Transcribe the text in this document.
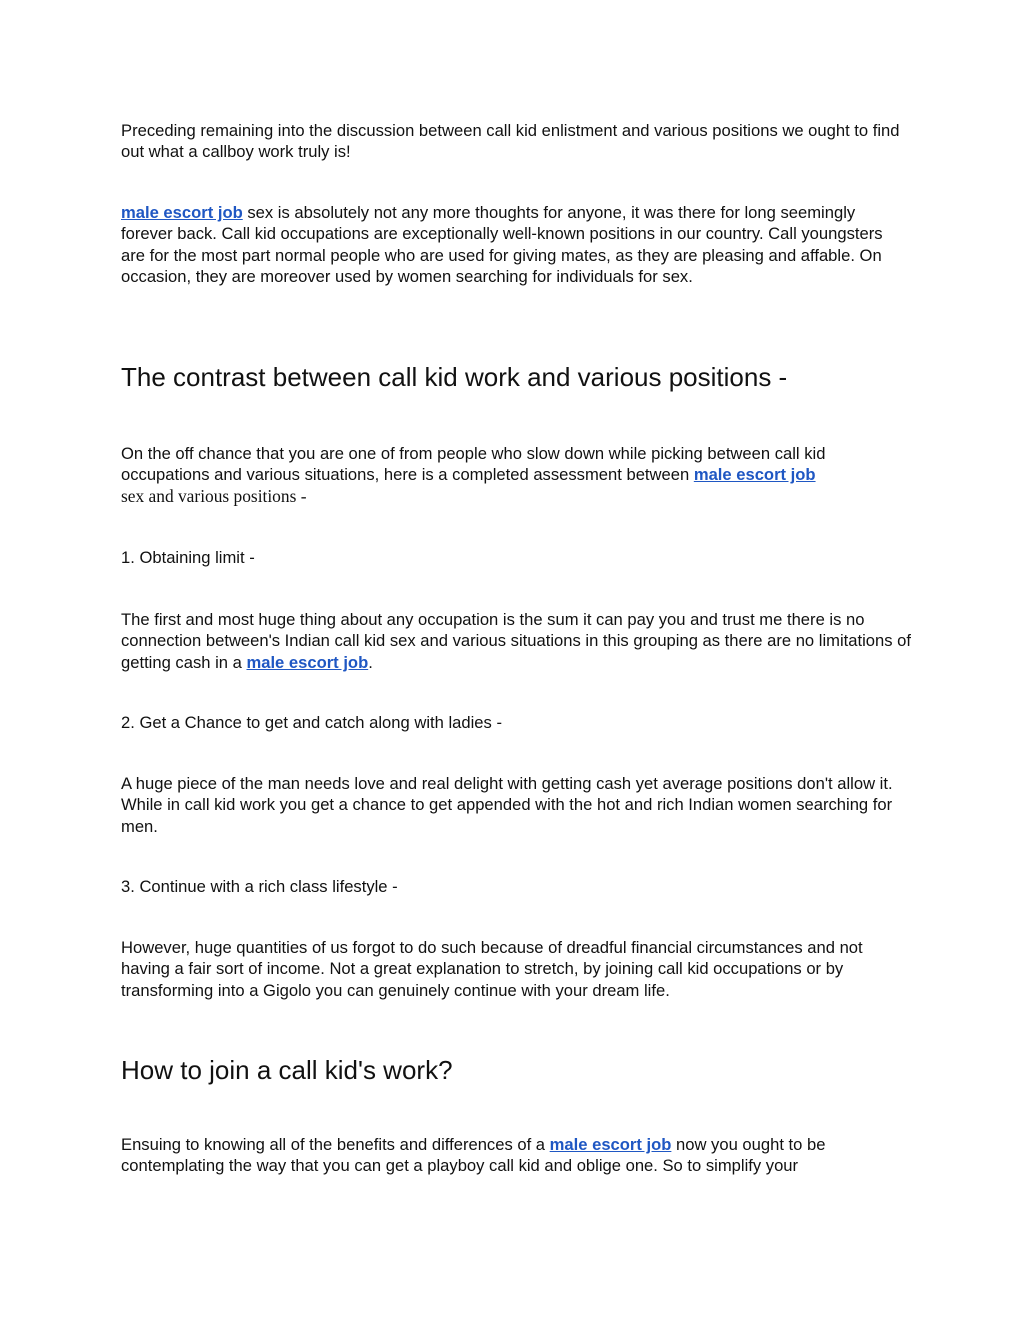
Preceding remaining into the discussion between call kid enlistment and various positions we ought to find out what a callboy work truly is!

male escort job sex is absolutely not any more thoughts for anyone, it was there for long seemingly forever back. Call kid occupations are exceptionally well-known positions in our country. Call youngsters are for the most part normal people who are used for giving mates, as they are pleasing and affable. On occasion, they are moreover used by women searching for individuals for sex.

The contrast between call kid work and various positions -

On the off chance that you are one of from people who slow down while picking between call kid occupations and various situations, here is a completed assessment between male escort job
sex and various positions -

1. Obtaining limit -

The first and most huge thing about any occupation is the sum it can pay you and trust me there is no connection between's Indian call kid sex and various situations in this grouping as there are no limitations of getting cash in a male escort job.

2. Get a Chance to get and catch along with ladies -

A huge piece of the man needs love and real delight with getting cash yet average positions don't allow it. While in call kid work you get a chance to get appended with the hot and rich Indian women searching for men.

3. Continue with a rich class lifestyle -

However, huge quantities of us forgot to do such because of dreadful financial circumstances and not having a fair sort of income. Not a great explanation to stretch, by joining call kid occupations or by transforming into a Gigolo you can genuinely continue with your dream life.

How to join a call kid's work?

Ensuing to knowing all of the benefits and differences of a male escort job now you ought to be contemplating the way that you can get a playboy call kid and oblige one. So to simplify your
